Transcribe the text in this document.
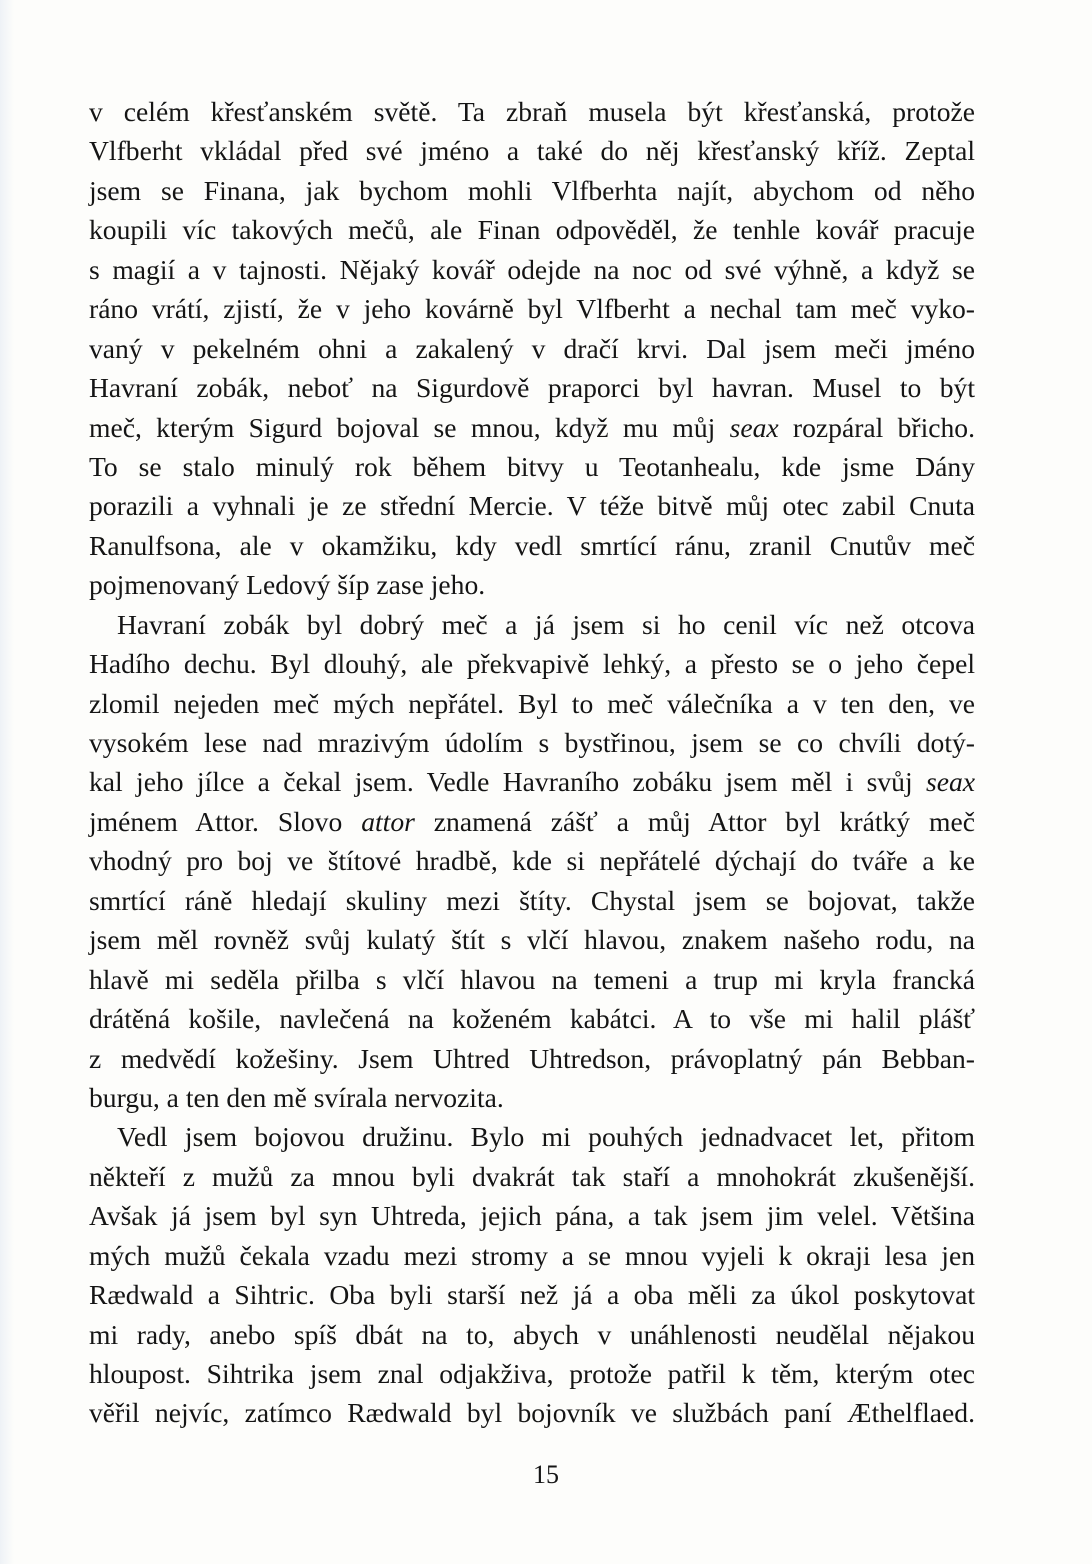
v celém křesťanském světě. Ta zbraň musela být křesťanská, protože
Vlfberht vkládal před své jméno a také do něj křesťanský kříž. Zeptal
jsem se Finana, jak bychom mohli Vlfberhta najít, abychom od něho
koupili víc takových mečů, ale Finan odpověděl, že tenhle kovář pracuje
s magií a v tajnosti. Nějaký kovář odejde na noc od své výhně, a když se
ráno vrátí, zjistí, že v jeho kovárně byl Vlfberht a nechal tam meč vyko-
vaný v pekelném ohni a zakalený v dračí krvi. Dal jsem meči jméno
Havraní zobák, neboť na Sigurdově praporci byl havran. Musel to být
meč, kterým Sigurd bojoval se mnou, když mu můj seax rozpáral břicho.
To se stalo minulý rok během bitvy u Teotanhealu, kde jsme Dány
porazili a vyhnali je ze střední Mercie. V téže bitvě můj otec zabil Cnuta
Ranulfsona, ale v okamžiku, kdy vedl smrtící ránu, zranil Cnutův meč
pojmenovaný Ledový šíp zase jeho.
Havraní zobák byl dobrý meč a já jsem si ho cenil víc než otcova
Hadího dechu. Byl dlouhý, ale překvapivě lehký, a přesto se o jeho čepel
zlomil nejeden meč mých nepřátel. Byl to meč válečníka a v ten den, ve
vysokém lese nad mrazivým údolím s bystřinou, jsem se co chvíli dotý-
kal jeho jílce a čekal jsem. Vedle Havraního zobáku jsem měl i svůj seax
jménem Attor. Slovo attor znamená zášť a můj Attor byl krátký meč
vhodný pro boj ve štítové hradbě, kde si nepřátelé dýchají do tváře a ke
smrtící ráně hledají skuliny mezi štíty. Chystal jsem se bojovat, takže
jsem měl rovněž svůj kulatý štít s vlčí hlavou, znakem našeho rodu, na
hlavě mi seděla přilba s vlčí hlavou na temeni a trup mi kryla francká
drátěná košile, navlečená na koženém kabátci. A to vše mi halil plášť
z medvědí kožešiny. Jsem Uhtred Uhtredson, právoplatný pán Bebban-
burgu, a ten den mě svírala nervozita.
Vedl jsem bojovou družinu. Bylo mi pouhých jednadvacet let, přitom
někteří z mužů za mnou byli dvakrát tak staří a mnohokrát zkušenější.
Avšak já jsem byl syn Uhtreda, jejich pána, a tak jsem jim velel. Většina
mých mužů čekala vzadu mezi stromy a se mnou vyjeli k okraji lesa jen
Rædwald a Sihtric. Oba byli starší než já a oba měli za úkol poskytovat
mi rady, anebo spíš dbát na to, abych v unáhlenosti neudělal nějakou
hloupost. Sihtrika jsem znal odjakživa, protože patřil k těm, kterým otec
věřil nejvíc, zatímco Rædwald byl bojovník ve službách paní Æthelflaed.
15
